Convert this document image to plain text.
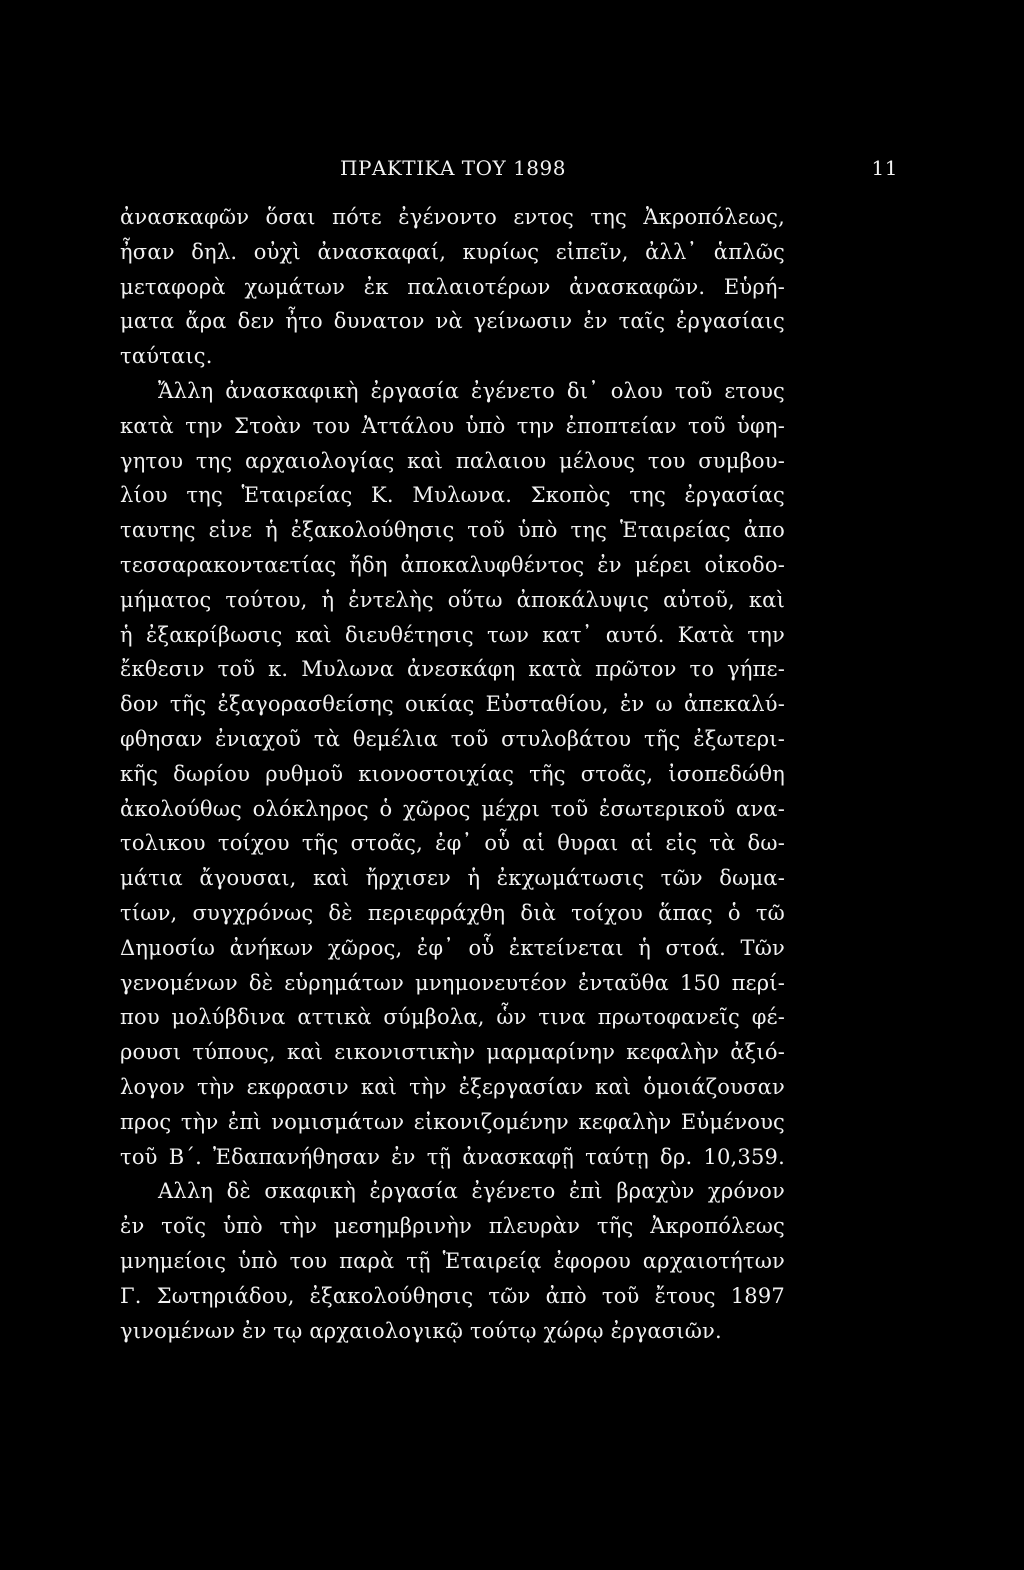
ΠΡΑΚΤΙΚΑ ΤΟΥ 1898	11
ἀνασκαφῶν ὅσαι πότε ἐγένοντο εντος της Ἀκροπόλεως,
ἦσαν δηλ. οὐχὶ ἀνασκαφαί, κυρίως εἰπεῖν, ἀλλ᾽ ἁπλῶς
μεταφορὰ χωμάτων ἐκ παλαιοτέρων ἀνασκαφῶν. Εὑρή-
ματα ἄρα δεν ἦτο δυνατον νὰ γείνωσιν ἐν ταῖς ἐργασίαις
ταύταις.
Ἄλλη ἀνασκαφικὴ ἐργασία ἐγένετο δι᾽ ολου τοῦ ετους
κατὰ την Στοὰν του Ἀττάλου ὑπὸ την ἐποπτείαν τοῦ ὑφη-
γητου της αρχαιολογίας καὶ παλαιου μέλους του συμβου-
λίου της Ἑταιρείας Κ. Μυλωνα. Σκοπὸς της ἐργασίας
ταυτης εἰνε ἡ ἐξακολούθησις τοῦ ὑπὸ της Ἑταιρείας ἀπο
τεσσαρακονταετίας ἤδη ἀποκαλυφθέντος ἐν μέρει οἰκοδο-
μήματος τούτου, ἡ ἐντελὴς οὕτω ἀποκάλυψις αὐτοῦ, καὶ
ἡ ἐξακρίβωσις καὶ διευθέτησις των κατ᾽ αυτό. Κατὰ την
ἔκθεσιν τοῦ κ. Μυλωνα ἀνεσκάφη κατὰ πρῶτον το γήπε-
δον τῆς ἐξαγορασθείσης οικίας Εὐσταθίου, ἐν ω ἀπεκαλύ-
φθησαν ἐνιαχοῦ τὰ θεμέλια τοῦ στυλοβάτου τῆς ἐξωτερι-
κῆς δωρίου ρυθμοῦ κιονοστοιχίας τῆς στοᾶς, ἰσοπεδώθη
ἀκολούθως ολόκληρος ὁ χῶρος μέχρι τοῦ ἐσωτερικοῦ ανα-
τολικου τοίχου τῆς στοᾶς, ἐφ᾽ οὗ αἱ θυραι αἱ εἰς τὰ δω-
μάτια ἄγουσαι, καὶ ἤρχισεν ἡ ἐκχωμάτωσις τῶν δωμα-
τίων, συγχρόνως δὲ περιεφράχθη διὰ τοίχου ἅπας ὁ τῶ
Δημοσίω ἀνήκων χῶρος, ἐφ᾽ οὗ ἐκτείνεται ἡ στοά. Τῶν
γενομένων δὲ εὑρημάτων μνημονευτέον ἐνταῦθα 150 περί-
που μολύβδινα αττικὰ σύμβολα, ὧν τινα πρωτοφανεῖς φέ-
ρουσι τύπους, καὶ εικονιστικὴν μαρμαρίνην κεφαλὴν ἀξιό-
λογον τὴν εκφρασιν καὶ τὴν ἐξεργασίαν καὶ ὁμοιάζουσαν
προς τὴν ἐπὶ νομισμάτων εἰκονιζομένην κεφαλὴν Εὐμένους
τοῦ Β΄. Ἐδαπανήθησαν ἐν τῇ ἀνασκαφῇ ταύτῃ δρ. 10,359.
Αλλη δὲ σκαφικὴ ἐργασία ἐγένετο ἐπὶ βραχὺν χρόνον
ἐν τοῖς ὑπὸ τὴν μεσημβρινὴν πλευρὰν τῆς Ἀκροπόλεως
μνημείοις ὑπὸ του παρὰ τῇ Ἑταιρείᾳ ἐφορου αρχαιοτήτων
Γ. Σωτηριάδου, ἐξακολούθησις τῶν ἀπὸ τοῦ ἔτους 1897
γινομένων ἐν τῳ αρχαιολογικῷ τούτῳ χώρῳ ἐργασιῶν.
